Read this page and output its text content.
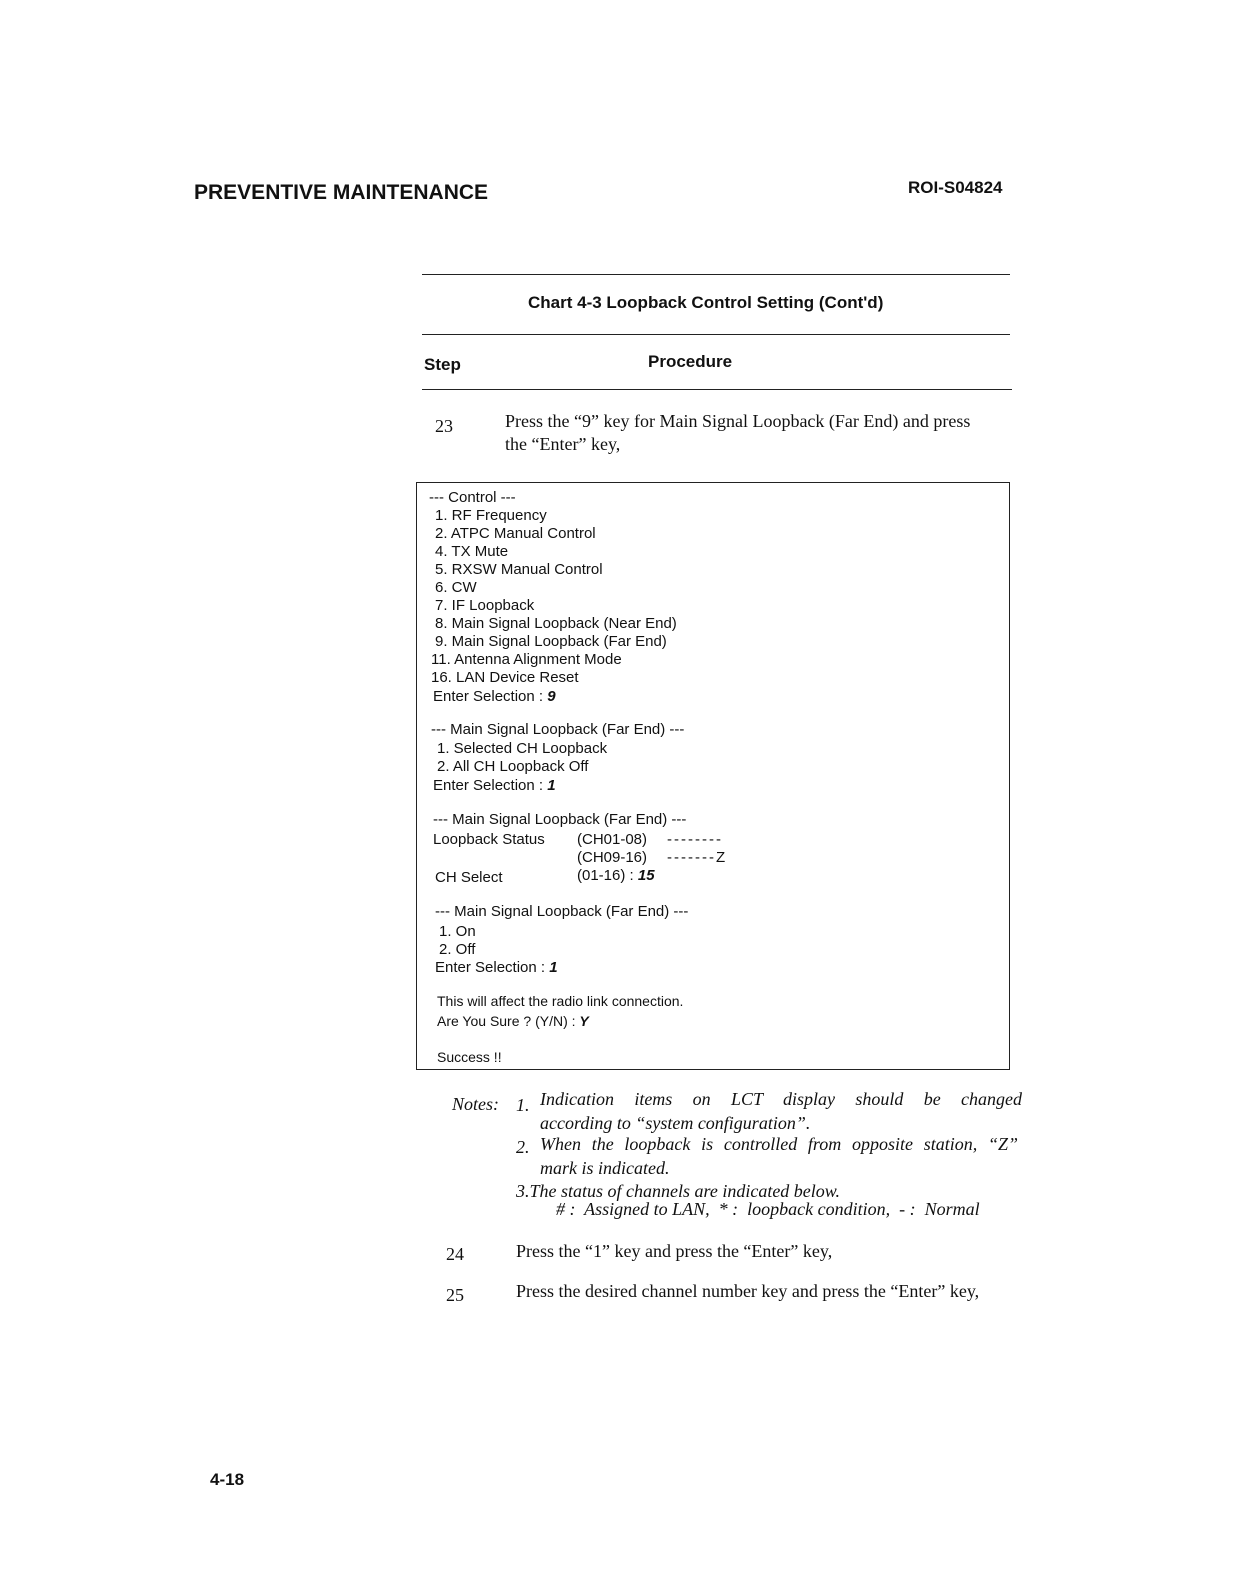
PREVENTIVE MAINTENANCE	ROI-S04824
Chart 4-3 Loopback Control Setting (Cont'd)
Step	Procedure
23	Press the “9” key for Main Signal Loopback (Far End) and press
the “Enter” key,
--- Control ---
1. RF Frequency
2. ATPC Manual Control
4. TX Mute
5. RXSW Manual Control
6. CW
7. IF Loopback
8. Main Signal Loopback (Near End)
9. Main Signal Loopback (Far End)
11. Antenna Alignment Mode
16. LAN Device Reset
Enter Selection : 9
--- Main Signal Loopback (Far End) ---
1. Selected CH Loopback
2. All CH Loopback Off
Enter Selection : 1
--- Main Signal Loopback (Far End) ---
Loopback Status (CH01-08) --------
(CH09-16) -------Z
CH Select	(01-16) : 15
--- Main Signal Loopback (Far End) ---
1. On
2. Off
Enter Selection : 1
This will affect the radio link connection.
Are You Sure ? (Y/N) : Y
Success !!
Notes: 1. Indication items on LCT display should be changed
according to “system configuration”.
2. When the loopback is controlled from opposite station, “Z”
mark is indicated.
3.The status of channels are indicated below.
# :  Assigned to LAN,  * :  loopback condition,  - :  Normal
24	Press the “1” key and press the “Enter” key,
25	Press the desired channel number key and press the “Enter” key,
4-18
